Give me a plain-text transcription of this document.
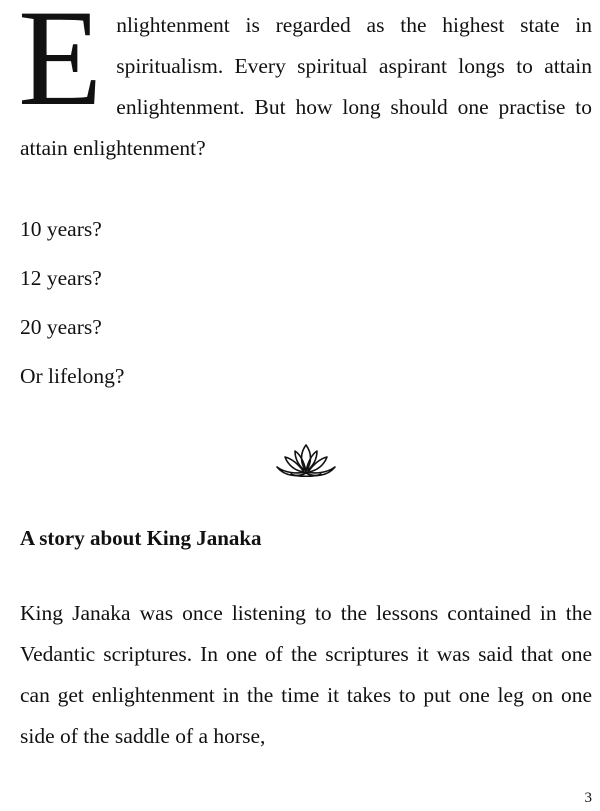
Enlightenment is regarded as the highest state in spiritualism. Every spiritual aspirant longs to attain enlightenment. But how long should one practise to attain enlightenment?

10 years?
12 years?
20 years?
Or lifelong?
A story about King Janaka

King Janaka was once listening to the lessons contained in the Vedantic scriptures. In one of the scriptures it was said that one can get enlightenment in the time it takes to put one leg on one side of the saddle of a horse,

3
